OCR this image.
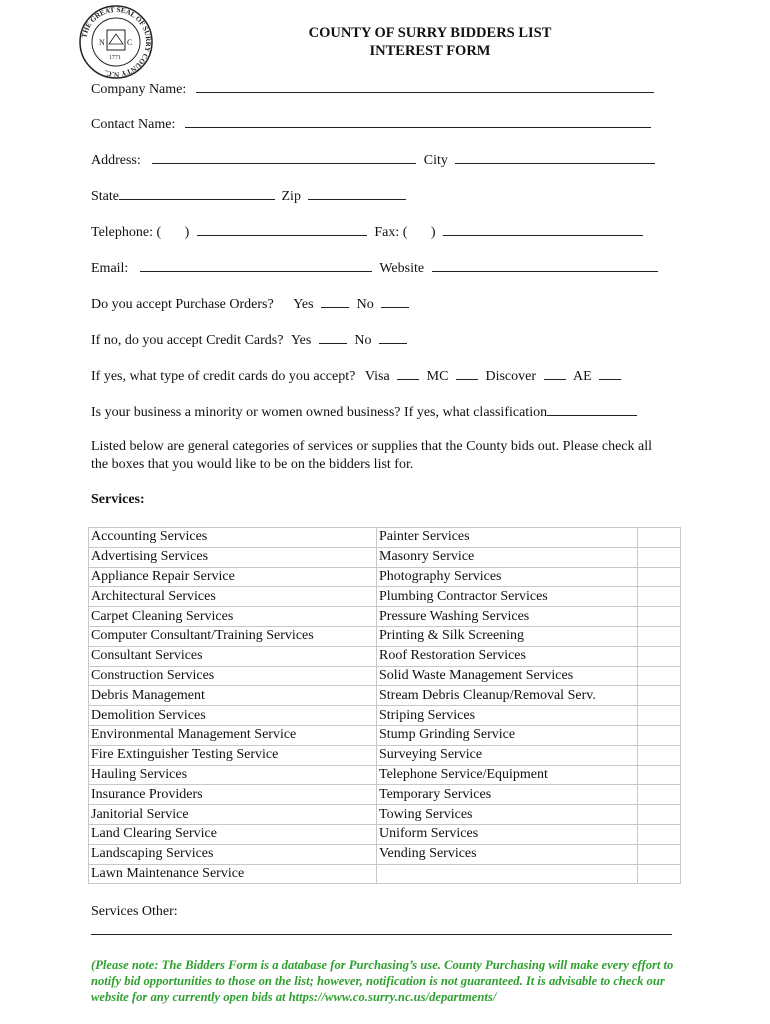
THE GREAT SEAL OF SURRY COUNTY N.C.
N	C
1771
COUNTY OF SURRY BIDDERS LIST
INTEREST FORM
Company Name:
Contact Name:
Address:	City
State	Zip
Telephone: ( )	Fax: ( )
Email:	Website
Do you accept Purchase Orders? Yes	No
If no, do you accept Credit Cards? Yes	No
If yes, what type of credit cards do you accept? Visa	MC	Discover	AE
Is your business a minority or women owned business? If yes, what classification
Listed below are general categories of services or supplies that the County bids out. Please check all the boxes that you would like to be on the bidders list for.
Services:
Accounting Services	Painter Services	
Advertising Services	Masonry Service	
Appliance Repair Service	Photography Services	
Architectural Services	Plumbing Contractor Services	
Carpet Cleaning Services	Pressure Washing Services	
Computer Consultant/Training Services	Printing & Silk Screening	
Consultant Services	Roof Restoration Services	
Construction Services	Solid Waste Management Services	
Debris Management	Stream Debris Cleanup/Removal Serv.	
Demolition Services	Striping Services	
Environmental Management Service	Stump Grinding Service	
Fire Extinguisher Testing Service	Surveying Service	
Hauling Services	Telephone Service/Equipment	
Insurance Providers	Temporary Services	
Janitorial Service	Towing Services	
Land Clearing Service	Uniform Services	
Landscaping Services	Vending Services	
Lawn Maintenance Service		
Services Other:
(Please note: The Bidders Form is a database for Purchasing’s use. County Purchasing will make every effort to notify bid opportunities to those on the list; however, notification is not guaranteed. It is advisable to check our website for any currently open bids at https://www.co.surry.nc.us/departments/
